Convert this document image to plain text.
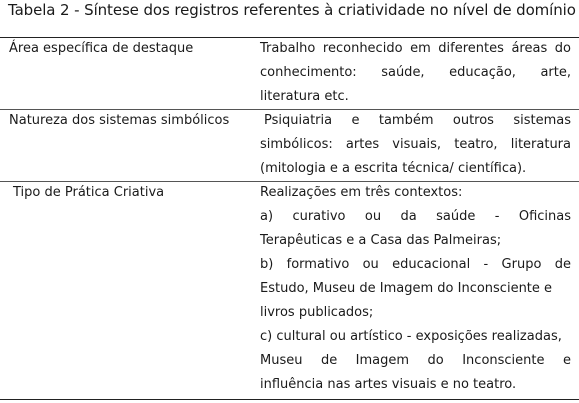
Tabela 2 - Síntese dos registros referentes à criatividade no nível de domínio
Área específica de destaque	Trabalho reconhecido em diferentes áreas do
conhecimento: saúde, educação, arte,
literatura etc.
Natureza dos sistemas simbólicos	Psiquiatria e também outros sistemas
simbólicos: artes visuais, teatro, literatura
(mitologia e a escrita técnica/ científica).
Tipo de Prática Criativa	Realizações em três contextos:
a) curativo ou da saúde - Oficinas
Terapêuticas e a Casa das Palmeiras;
b) formativo ou educacional - Grupo de
Estudo, Museu de Imagem do Inconsciente e
livros publicados;
c) cultural ou artístico - exposições realizadas,
Museu de Imagem do Inconsciente e
influência nas artes visuais e no teatro.
